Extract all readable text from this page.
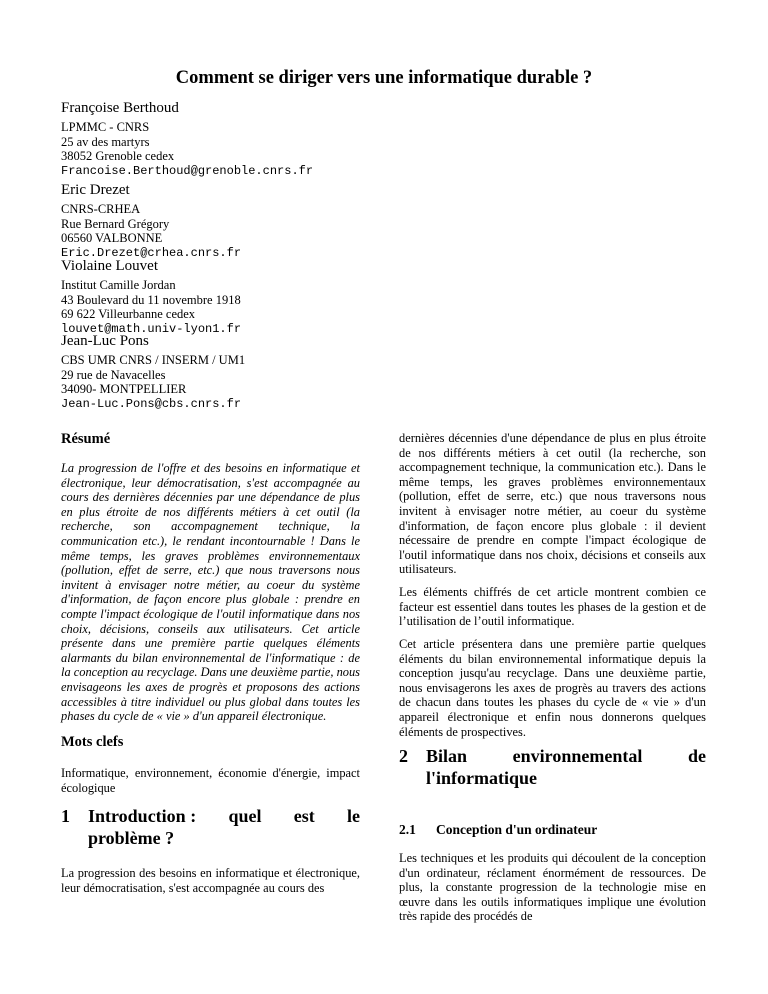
Comment se diriger vers une informatique durable ?
Françoise Berthoud
LPMMC - CNRS
25 av des martyrs
38052 Grenoble cedex
Francoise.Berthoud@grenoble.cnrs.fr
Eric Drezet
CNRS-CRHEA
Rue Bernard Grégory
06560 VALBONNE
Eric.Drezet@crhea.cnrs.fr
Violaine Louvet
Institut Camille Jordan
43 Boulevard du 11 novembre 1918
69 622 Villeurbanne cedex
louvet@math.univ-lyon1.fr
Jean-Luc Pons
CBS UMR CNRS / INSERM / UM1
29 rue de Navacelles
34090- MONTPELLIER
Jean-Luc.Pons@cbs.cnrs.fr
Résumé
La progression de l'offre et des besoins en informatique et électronique, leur démocratisation, s'est accompagnée au cours des dernières décennies par une dépendance de plus en plus étroite de nos différents métiers à cet outil (la recherche, son accompagnement technique, la communication etc.), le rendant incontournable ! Dans le même temps, les graves problèmes environnementaux (pollution, effet de serre, etc.) que nous traversons nous invitent à envisager notre métier, au coeur du système d'information, de façon encore plus globale : prendre en compte l'impact écologique de l'outil informatique dans nos choix, décisions, conseils aux utilisateurs. Cet article présente dans une première partie quelques éléments alarmants du bilan environnemental de l'informatique : de la conception au recyclage. Dans une deuxième partie, nous envisageons les axes de progrès et proposons des actions accessibles à titre individuel ou plus global dans toutes les phases du cycle de « vie » d'un appareil électronique.
Mots clefs
Informatique, environnement, économie d'énergie, impact écologique
1 Introduction : quel est le
problème ?
La progression des besoins en informatique et électronique, leur démocratisation, s'est accompagnée au cours des
dernières décennies d'une dépendance de plus en plus étroite de nos différents métiers à cet outil (la recherche, son accompagnement technique, la communication etc.). Dans le même temps, les graves problèmes environnementaux (pollution, effet de serre, etc.) que nous traversons nous invitent à envisager notre métier, au coeur du système d'information, de façon encore plus globale : il devient nécessaire de prendre en compte l'impact écologique de l'outil informatique dans nos choix, décisions et conseils aux utilisateurs.
Les éléments chiffrés de cet article montrent combien ce facteur est essentiel dans toutes les phases de la gestion et de l’utilisation de l’outil informatique.
Cet article présentera dans une première partie quelques éléments du bilan environnemental informatique depuis la conception jusqu'au recyclage. Dans une deuxième partie, nous envisagerons les axes de progrès au travers des actions de chacun dans toutes les phases du cycle de « vie » d'un appareil électronique et enfin nous donnerons quelques éléments de prospectives.
2 Bilan	environnemental	de
l'informatique
2.1 Conception d'un ordinateur
Les techniques et les produits qui découlent de la conception d'un ordinateur, réclament énormément de ressources. De plus, la constante progression de la technologie mise en œuvre dans les outils informatiques implique une évolution très rapide des procédés de
